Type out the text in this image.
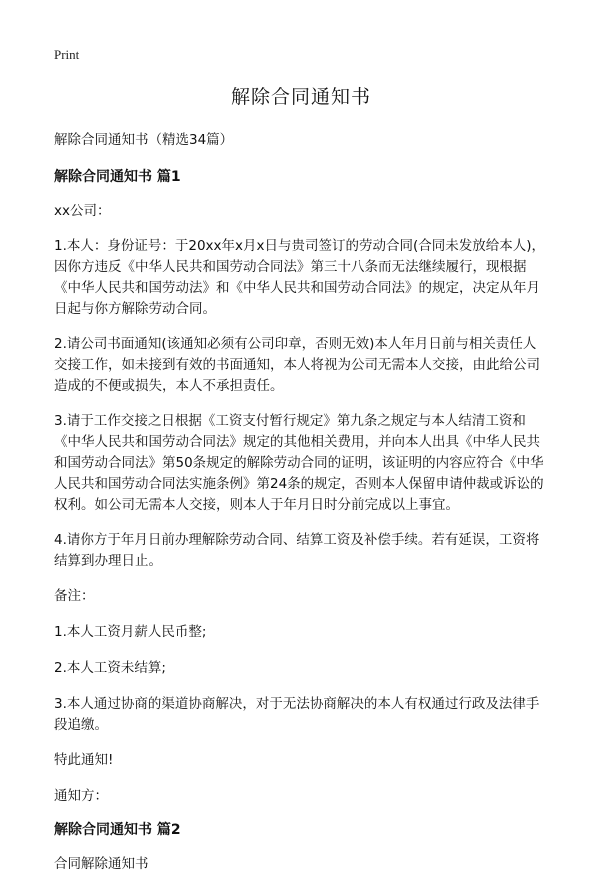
Print
解除合同通知书

解除合同通知书（精选34篇）

解除合同通知书 篇1

xx公司：

1.本人：身份证号：于20xx年x月x日与贵司签订的劳动合同(合同未发放给本人)，因你方违反《中华人民共和国劳动合同法》第三十八条而无法继续履行，现根据《中华人民共和国劳动法》和《中华人民共和国劳动合同法》的规定，决定从年月日起与你方解除劳动合同。

2.请公司书面通知(该通知必须有公司印章，否则无效)本人年月日前与相关责任人交接工作，如未接到有效的书面通知，本人将视为公司无需本人交接，由此给公司造成的不便或损失，本人不承担责任。

3.请于工作交接之日根据《工资支付暂行规定》第九条之规定与本人结清工资和《中华人民共和国劳动合同法》规定的其他相关费用，并向本人出具《中华人民共和国劳动合同法》第50条规定的解除劳动合同的证明，该证明的内容应符合《中华人民共和国劳动合同法实施条例》第24条的规定，否则本人保留申请仲裁或诉讼的权利。如公司无需本人交接，则本人于年月日时分前完成以上事宜。

4.请你方于年月日前办理解除劳动合同、结算工资及补偿手续。若有延误，工资将结算到办理日止。

备注：

1.本人工资月薪人民币整;

2.本人工资未结算;

3.本人通过协商的渠道协商解决，对于无法协商解决的本人有权通过行政及法律手段追缴。

特此通知!

通知方：

解除合同通知书 篇2

合同解除通知书
